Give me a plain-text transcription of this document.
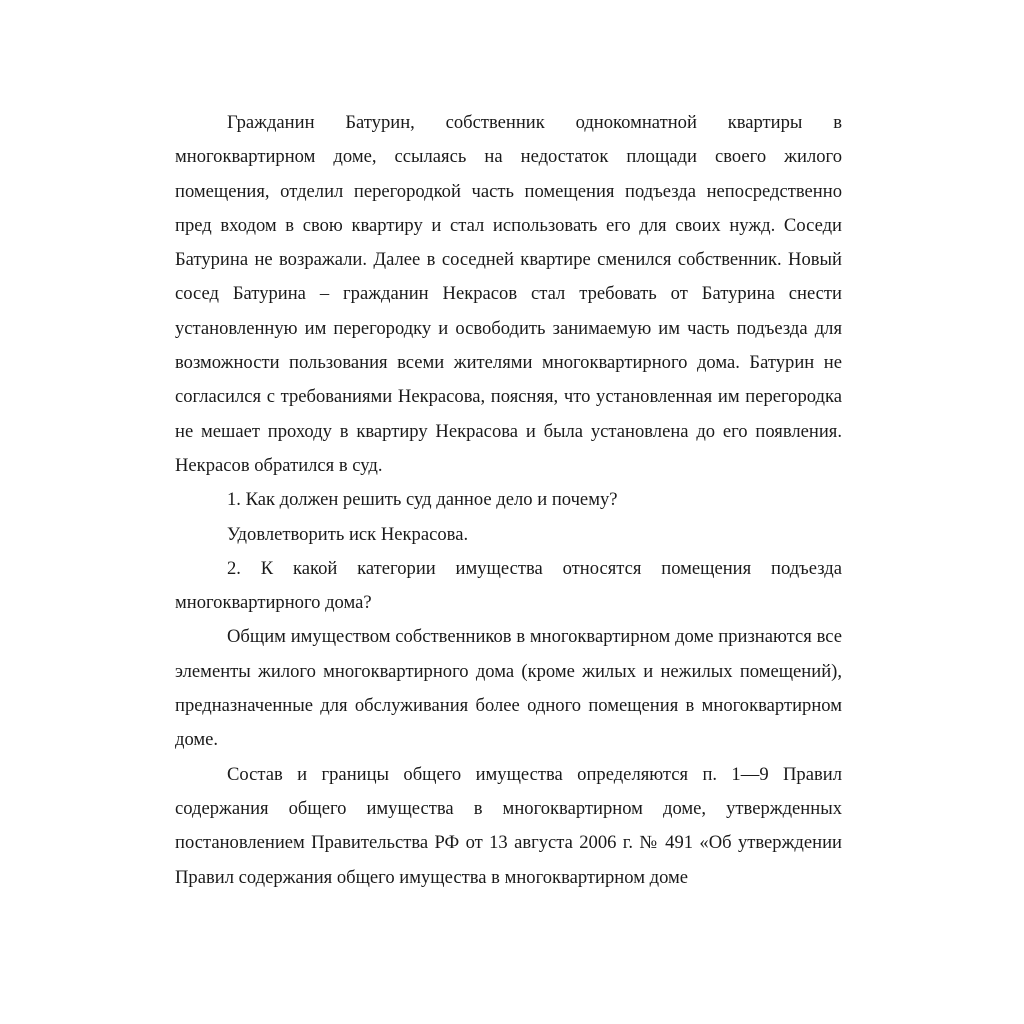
Гражданин Батурин, собственник однокомнатной квартиры в многоквартирном доме, ссылаясь на недостаток площади своего жилого помещения, отделил перегородкой часть помещения подъезда непосредственно пред входом в свою квартиру и стал использовать его для своих нужд. Соседи Батурина не возражали. Далее в соседней квартире сменился собственник. Новый сосед Батурина – гражданин Некрасов стал требовать от Батурина снести установленную им перегородку и освободить занимаемую им часть подъезда для возможности пользования всеми жителями многоквартирного дома. Батурин не согласился с требованиями Некрасова, поясняя, что установленная им перегородка не мешает проходу в квартиру Некрасова и была установлена до его появления. Некрасов обратился в суд.

1. Как должен решить суд данное дело и почему?

Удовлетворить иск Некрасова.

2. К какой категории имущества относятся помещения подъезда многоквартирного дома?

Общим имуществом собственников в многоквартирном доме признаются все элементы жилого многоквартирного дома (кроме жилых и нежилых помещений), предназначенные для обслуживания более одного помещения в многоквартирном доме.

Состав и границы общего имущества определяются п. 1—9 Правил содержания общего имущества в многоквартирном доме, утвержденных постановлением Правительства РФ от 13 августа 2006 г. № 491 «Об утверждении Правил содержания общего имущества в многоквартирном доме
